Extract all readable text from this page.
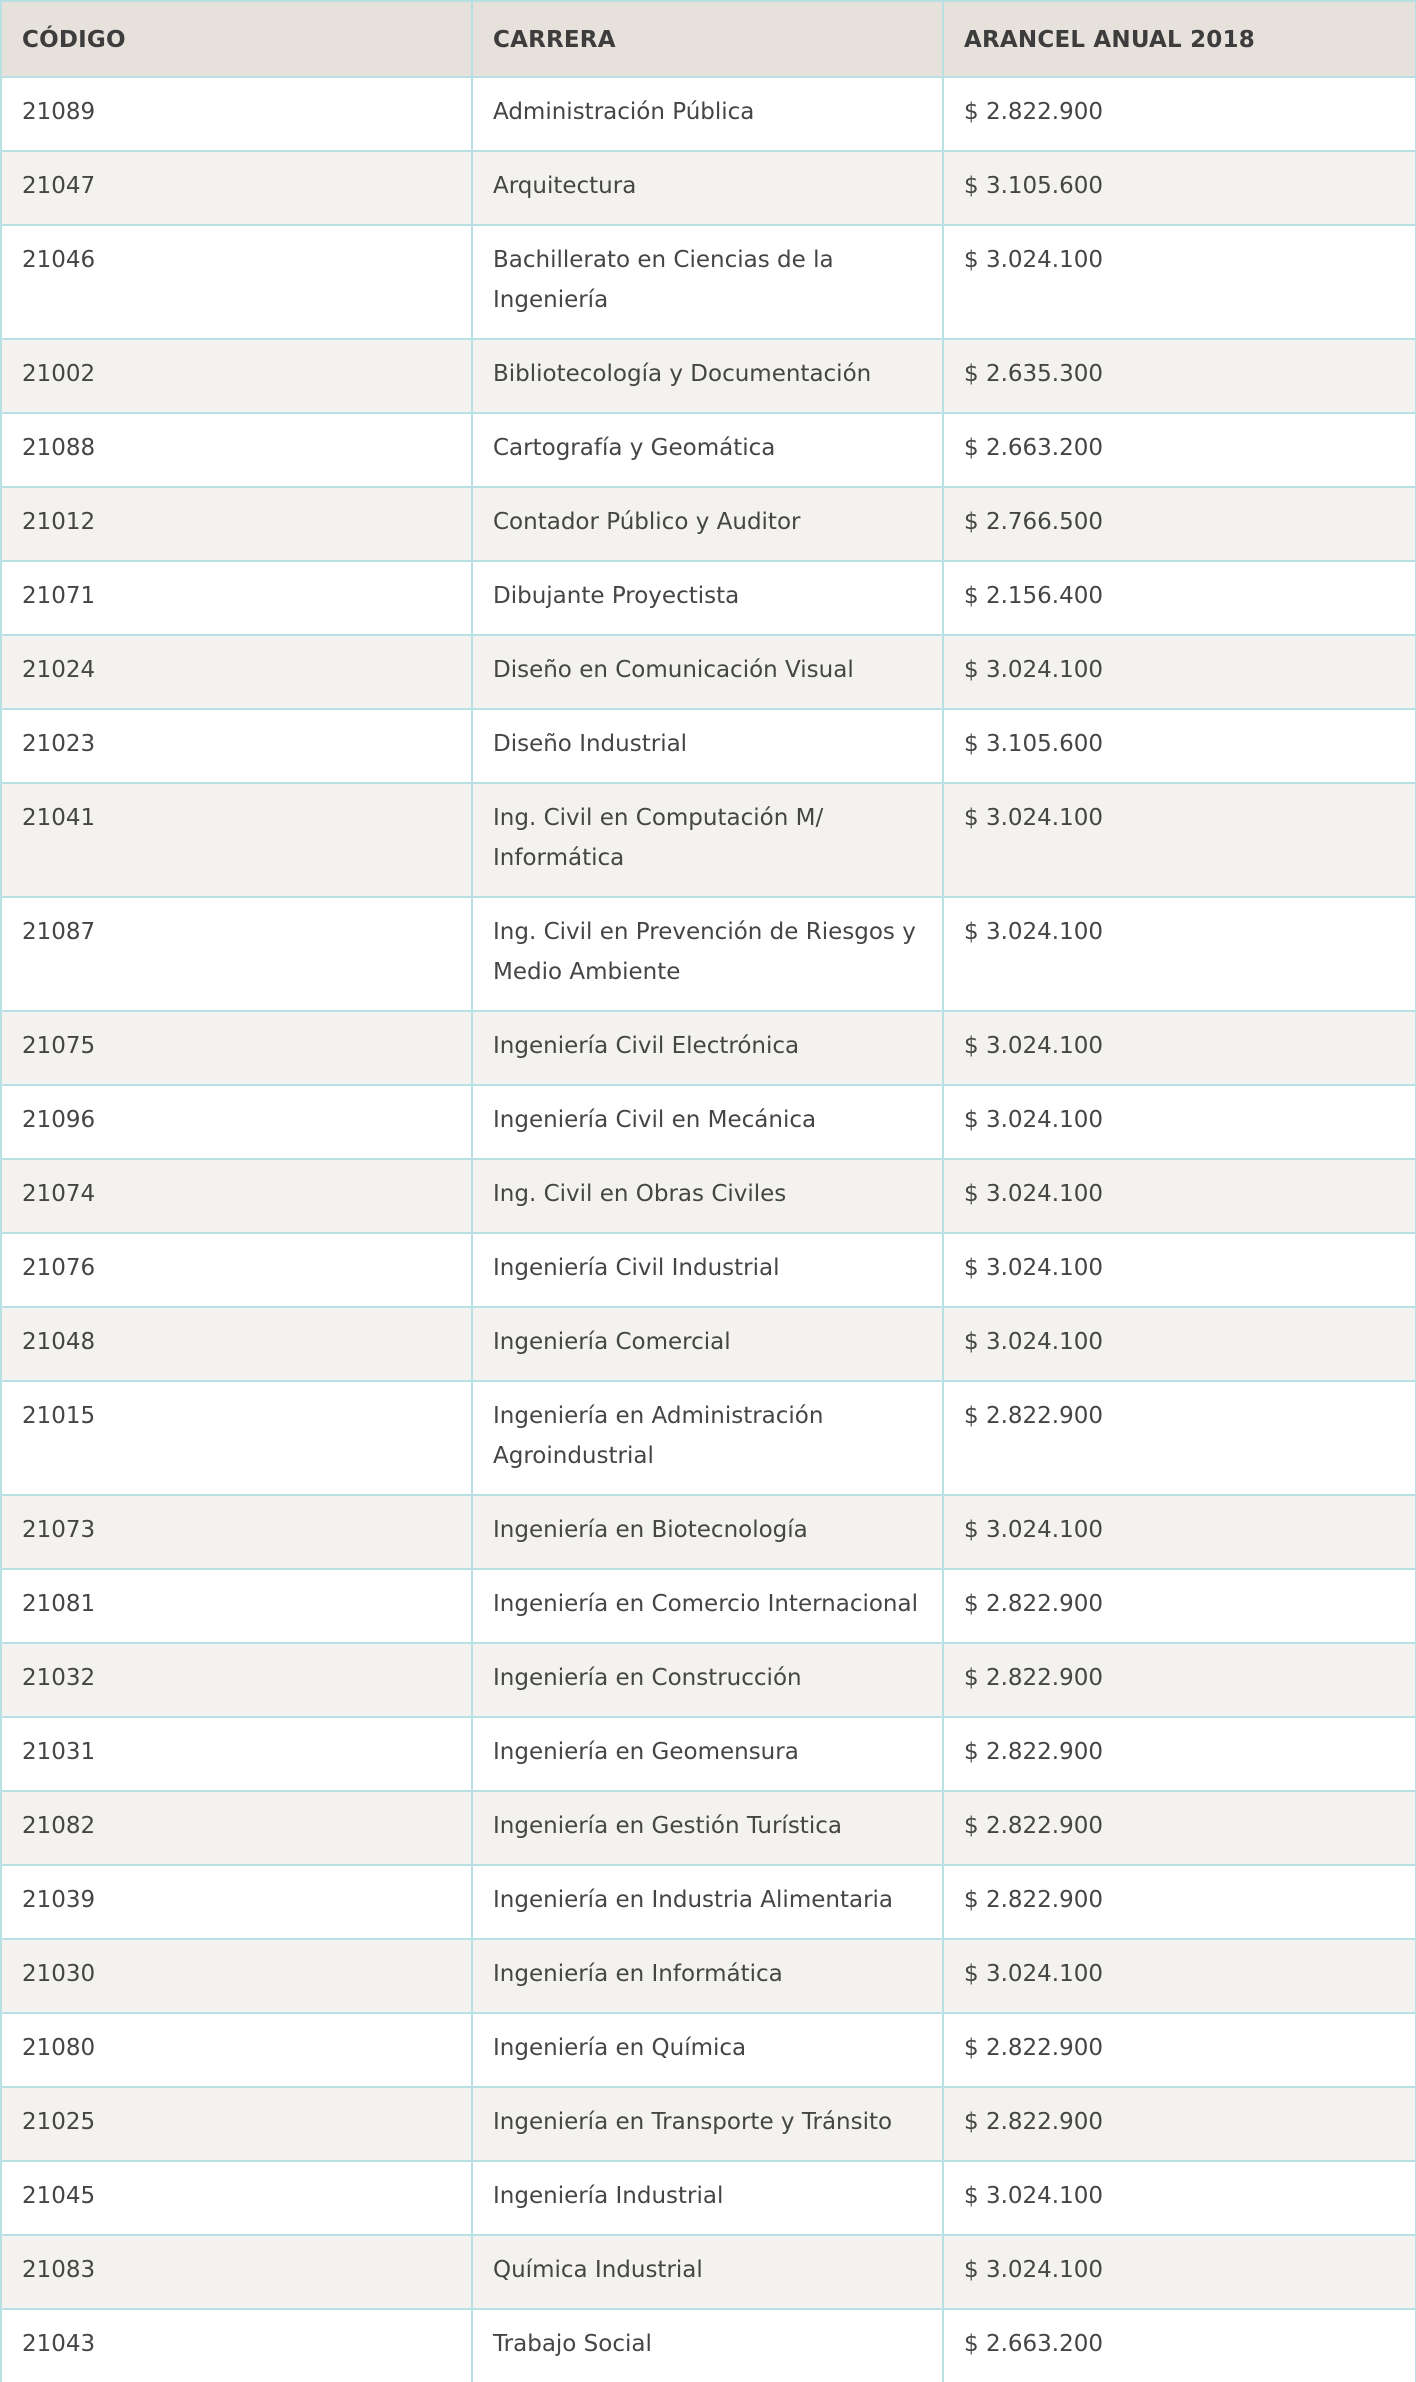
CÓDIGO	CARRERA	ARANCEL ANUAL 2018
21089	Administración Pública	$ 2.822.900
21047	Arquitectura	$ 3.105.600
21046	Bachillerato en Ciencias de la Ingeniería	$ 3.024.100
21002	Bibliotecología y Documentación	$ 2.635.300
21088	Cartografía y Geomática	$ 2.663.200
21012	Contador Público y Auditor	$ 2.766.500
21071	Dibujante Proyectista	$ 2.156.400
21024	Diseño en Comunicación Visual	$ 3.024.100
21023	Diseño Industrial	$ 3.105.600
21041	Ing. Civil en Computación M/ Informática	$ 3.024.100
21087	Ing. Civil en Prevención de Riesgos y Medio Ambiente	$ 3.024.100
21075	Ingeniería Civil Electrónica	$ 3.024.100
21096	Ingeniería Civil en Mecánica	$ 3.024.100
21074	Ing. Civil en Obras Civiles	$ 3.024.100
21076	Ingeniería Civil Industrial	$ 3.024.100
21048	Ingeniería Comercial	$ 3.024.100
21015	Ingeniería en Administración Agroindustrial	$ 2.822.900
21073	Ingeniería en Biotecnología	$ 3.024.100
21081	Ingeniería en Comercio Internacional	$ 2.822.900
21032	Ingeniería en Construcción	$ 2.822.900
21031	Ingeniería en Geomensura	$ 2.822.900
21082	Ingeniería en Gestión Turística	$ 2.822.900
21039	Ingeniería en Industria Alimentaria	$ 2.822.900
21030	Ingeniería en Informática	$ 3.024.100
21080	Ingeniería en Química	$ 2.822.900
21025	Ingeniería en Transporte y Tránsito	$ 2.822.900
21045	Ingeniería Industrial	$ 3.024.100
21083	Química Industrial	$ 3.024.100
21043	Trabajo Social	$ 2.663.200
